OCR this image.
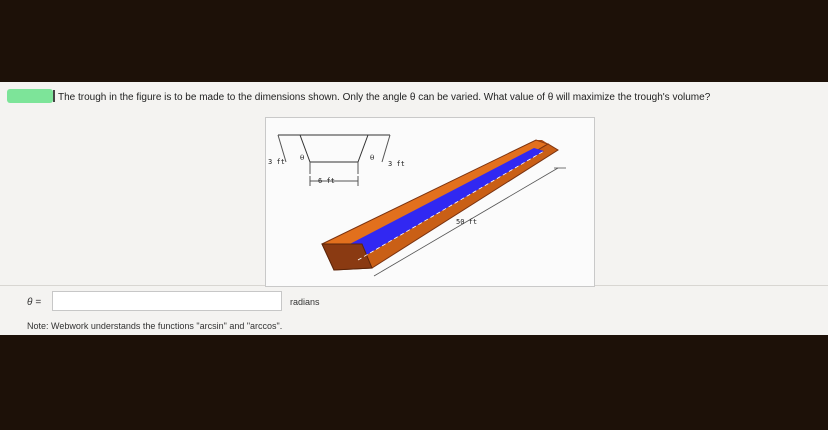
The trough in the figure is to be made to the dimensions shown. Only the angle θ can be varied. What value of θ will maximize the trough's volume?
3 ft	3 ft
6 ft
θ	θ
50 ft
θ =	radians
Note: Webwork understands the functions "arcsin" and "arccos".
